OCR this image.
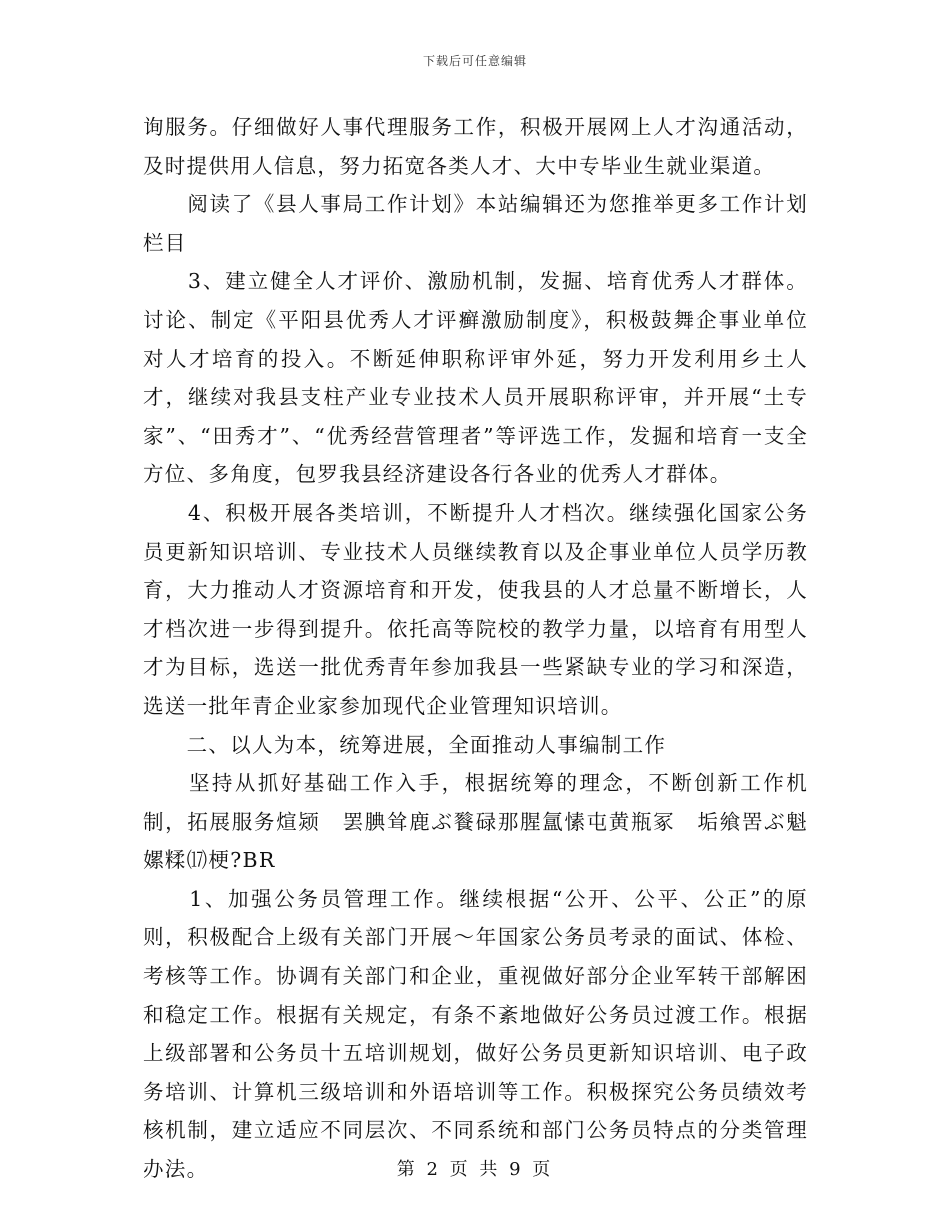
下载后可任意编辑

询服务。仔细做好人事代理服务工作，积极开展网上人才沟通活动，及时提供用人信息，努力拓宽各类人才、大中专毕业生就业渠道。

　　阅读了《县人事局工作计划》本站编辑还为您推举更多工作计划栏目

　　3、建立健全人才评价、激励机制，发掘、培育优秀人才群体。讨论、制定《平阳县优秀人才评癣激励制度》，积极鼓舞企事业单位对人才培育的投入。不断延伸职称评审外延，努力开发利用乡土人才，继续对我县支柱产业专业技术人员开展职称评审，并开展“土专家”、“田秀才”、“优秀经营管理者”等评选工作，发掘和培育一支全方位、多角度，包罗我县经济建设各行各业的优秀人才群体。

　　4、积极开展各类培训，不断提升人才档次。继续强化国家公务员更新知识培训、专业技术人员继续教育以及企事业单位人员学历教育，大力推动人才资源培育和开发，使我县的人才总量不断增长，人才档次进一步得到提升。依托高等院校的教学力量，以培育有用型人才为目标，选送一批优秀青年参加我县一些紧缺专业的学习和深造，选送一批年青企业家参加现代企业管理知识培训。

　　二、以人为本，统筹进展，全面推动人事编制工作

　　坚持从抓好基础工作入手，根据统筹的理念，不断创新工作机制，拓展服务煊颎　罢腆耸鹿ぶ餮碌那腥氲愫屯黄瓶冢　垢飨罟ぶ魁　嫘糅⒄梗?BR

　　1、加强公务员管理工作。继续根据“公开、公平、公正”的原则，积极配合上级有关部门开展～年国家公务员考录的面试、体检、考核等工作。协调有关部门和企业，重视做好部分企业军转干部解困和稳定工作。根据有关规定，有条不紊地做好公务员过渡工作。根据上级部署和公务员十五培训规划，做好公务员更新知识培训、电子政务培训、计算机三级培训和外语培训等工作。积极探究公务员绩效考核机制，建立适应不同层次、不同系统和部门公务员特点的分类管理办法。	第 2 页 共 9 页
